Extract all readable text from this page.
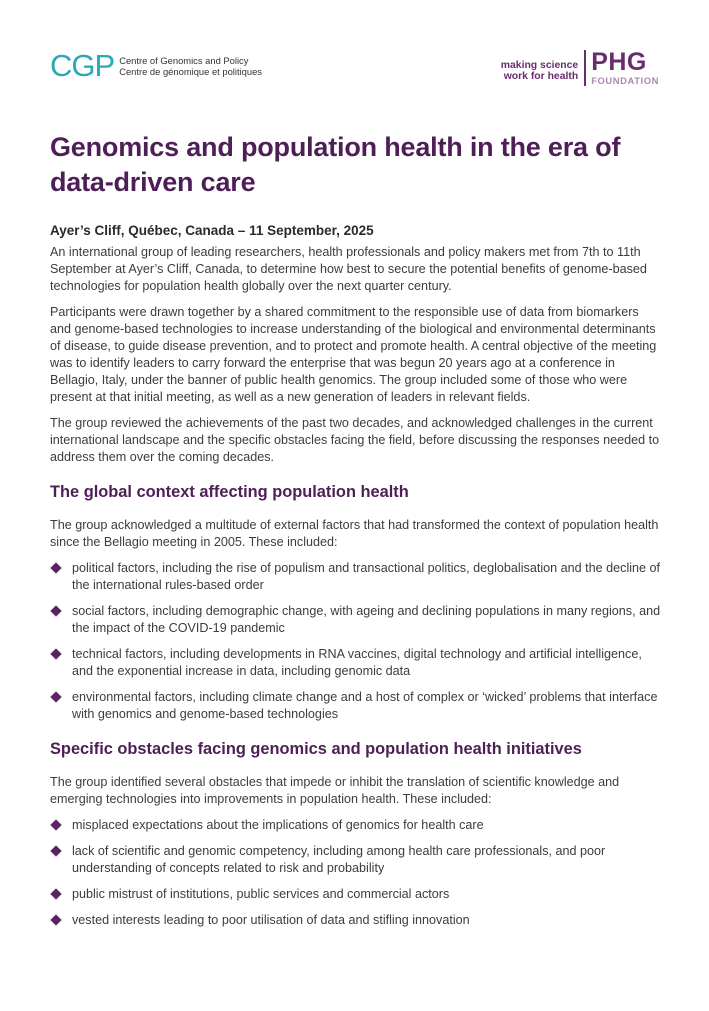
CGP Centre of Genomics and Policy
Centre de génomique et politiques	making science
work for health
PHG
FOUNDATION
Genomics and population health in the era of data-driven care
Ayer’s Cliff, Québec, Canada – 11 September, 2025

An international group of leading researchers, health professionals and policy makers met from 7th to 11th September at Ayer’s Cliff, Canada, to determine how best to secure the potential benefits of genome-based technologies for population health globally over the next quarter century.

Participants were drawn together by a shared commitment to the responsible use of data from biomarkers and genome-based technologies to increase understanding of the biological and environmental determinants of disease, to guide disease prevention, and to protect and promote health. A central objective of the meeting was to identify leaders to carry forward the enterprise that was begun 20 years ago at a conference in Bellagio, Italy, under the banner of public health genomics. The group included some of those who were present at that initial meeting, as well as a new generation of leaders in relevant fields.

The group reviewed the achievements of the past two decades, and acknowledged challenges in the current international landscape and the specific obstacles facing the field, before discussing the responses needed to address them over the coming decades.

The global context affecting population health

The group acknowledged a multitude of external factors that had transformed the context of population health since the Bellagio meeting in 2005. These included:

political factors, including the rise of populism and transactional politics, deglobalisation and the decline of the international rules-based order
social factors, including demographic change, with ageing and declining populations in many regions, and the impact of the COVID-19 pandemic
technical factors, including developments in RNA vaccines, digital technology and artificial intelligence, and the exponential increase in data, including genomic data
environmental factors, including climate change and a host of complex or ‘wicked’ problems that interface with genomics and genome-based technologies
Specific obstacles facing genomics and population health initiatives

The group identified several obstacles that impede or inhibit the translation of scientific knowledge and emerging technologies into improvements in population health. These included:

misplaced expectations about the implications of genomics for health care
lack of scientific and genomic competency, including among health care professionals, and poor understanding of concepts related to risk and probability
public mistrust of institutions, public services and commercial actors
vested interests leading to poor utilisation of data and stifling innovation
